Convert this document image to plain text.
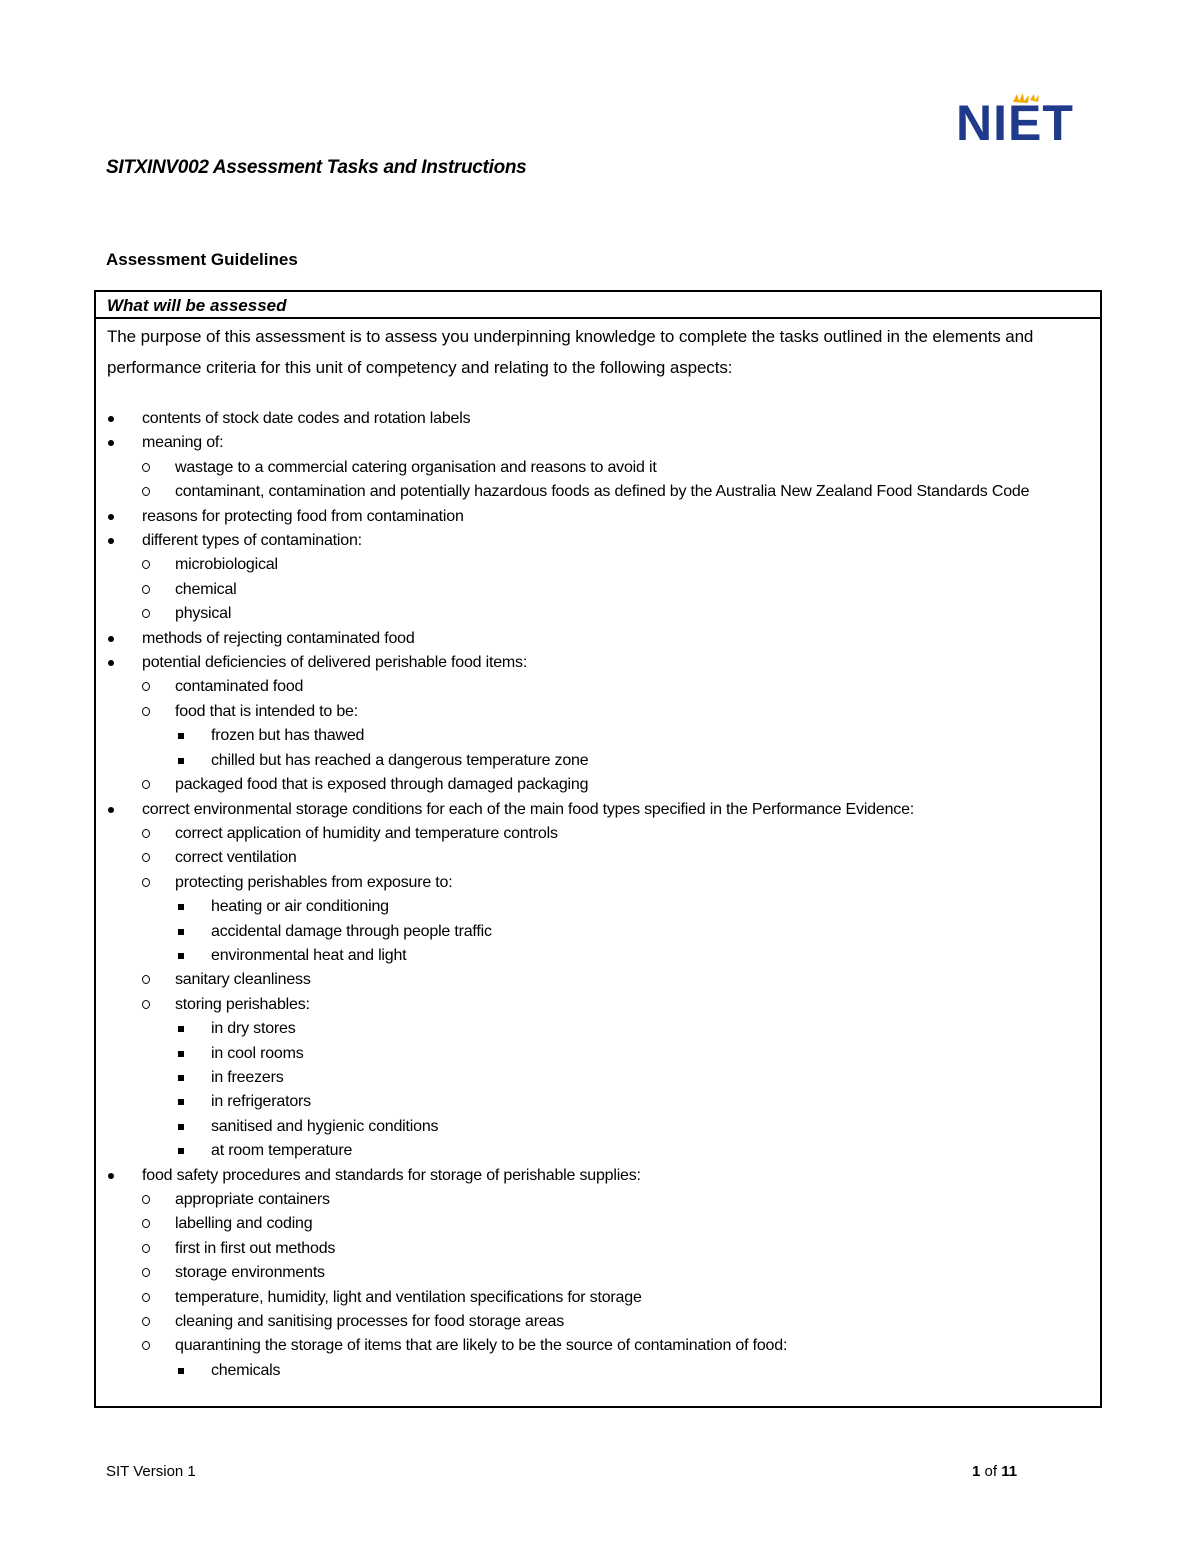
NIET
SITXINV002 Assessment Tasks and Instructions
Assessment Guidelines
What will be assessed

The purpose of this assessment is to assess you underpinning knowledge to complete the tasks outlined in the elements and performance criteria for this unit of competency and relating to the following aspects:

contents of stock date codes and rotation labels
meaning of:
wastage to a commercial catering organisation and reasons to avoid it
contaminant, contamination and potentially hazardous foods as defined by the Australia New Zealand Food Standards Code
reasons for protecting food from contamination
different types of contamination:
microbiological
chemical
physical
methods of rejecting contaminated food
potential deficiencies of delivered perishable food items:
contaminated food
food that is intended to be:
frozen but has thawed
chilled but has reached a dangerous temperature zone
packaged food that is exposed through damaged packaging
correct environmental storage conditions for each of the main food types specified in the Performance Evidence:
correct application of humidity and temperature controls
correct ventilation
protecting perishables from exposure to:
heating or air conditioning
accidental damage through people traffic
environmental heat and light
sanitary cleanliness
storing perishables:
in dry stores
in cool rooms
in freezers
in refrigerators
sanitised and hygienic conditions
at room temperature
food safety procedures and standards for storage of perishable supplies:
appropriate containers
labelling and coding
first in first out methods
storage environments
temperature, humidity, light and ventilation specifications for storage
cleaning and sanitising processes for food storage areas
quarantining the storage of items that are likely to be the source of contamination of food:
chemicals
SIT Version 1	1 of 11
